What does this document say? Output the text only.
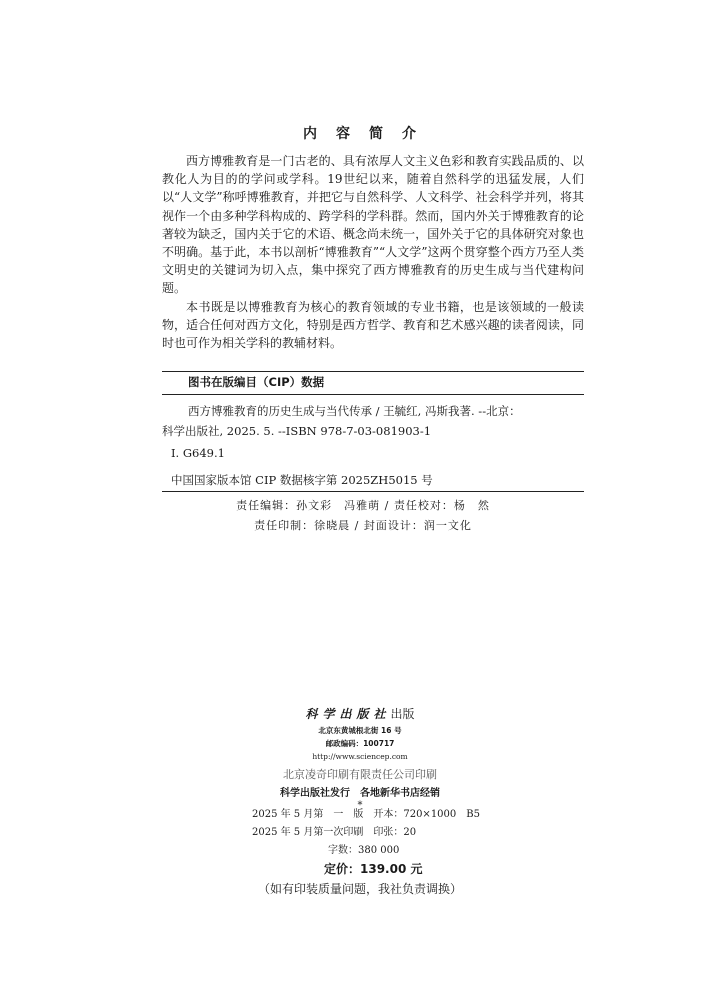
内 容 简 介

西方博雅教育是一门古老的、具有浓厚人文主义色彩和教育实践品质的、以教化人为目的的学问或学科。19世纪以来，随着自然科学的迅猛发展，人们以“人文学”称呼博雅教育，并把它与自然科学、人文科学、社会科学并列，将其视作一个由多种学科构成的、跨学科的学科群。然而，国内外关于博雅教育的论著较为缺乏，国内关于它的术语、概念尚未统一，国外关于它的具体研究对象也不明确。基于此，本书以剖析“博雅教育”“人文学”这两个贯穿整个西方乃至人类文明史的关键词为切入点，集中探究了西方博雅教育的历史生成与当代建构问题。

本书既是以博雅教育为核心的教育领域的专业书籍，也是该领域的一般读物，适合任何对西方文化，特别是西方哲学、教育和艺术感兴趣的读者阅读，同时也可作为相关学科的教辅材料。

图书在版编目（CIP）数据
西方博雅教育的历史生成与当代传承 / 王毓红, 冯斯我著. --北京：
科学出版社, 2025. 5. --ISBN 978-7-03-081903-1
Ⅰ. G649.1
中国国家版本馆 CIP 数据核字第 2025ZH5015 号
责任编辑：孙文彩　冯雅萌 / 责任校对：杨　然
责任印制：徐晓晨 / 封面设计：润一文化
科学出版社出版
北京东黄城根北街 16 号
邮政编码：100717
http://www.sciencep.com
北京凌奇印刷有限责任公司印刷
科学出版社发行　各地新华书店经销
*
2025 年 5 月第　一　版　开本：720×1000　B5
2025 年 5 月第一次印刷　印张：20
字数：380 000
定价：139.00 元
（如有印装质量问题，我社负责调换）
